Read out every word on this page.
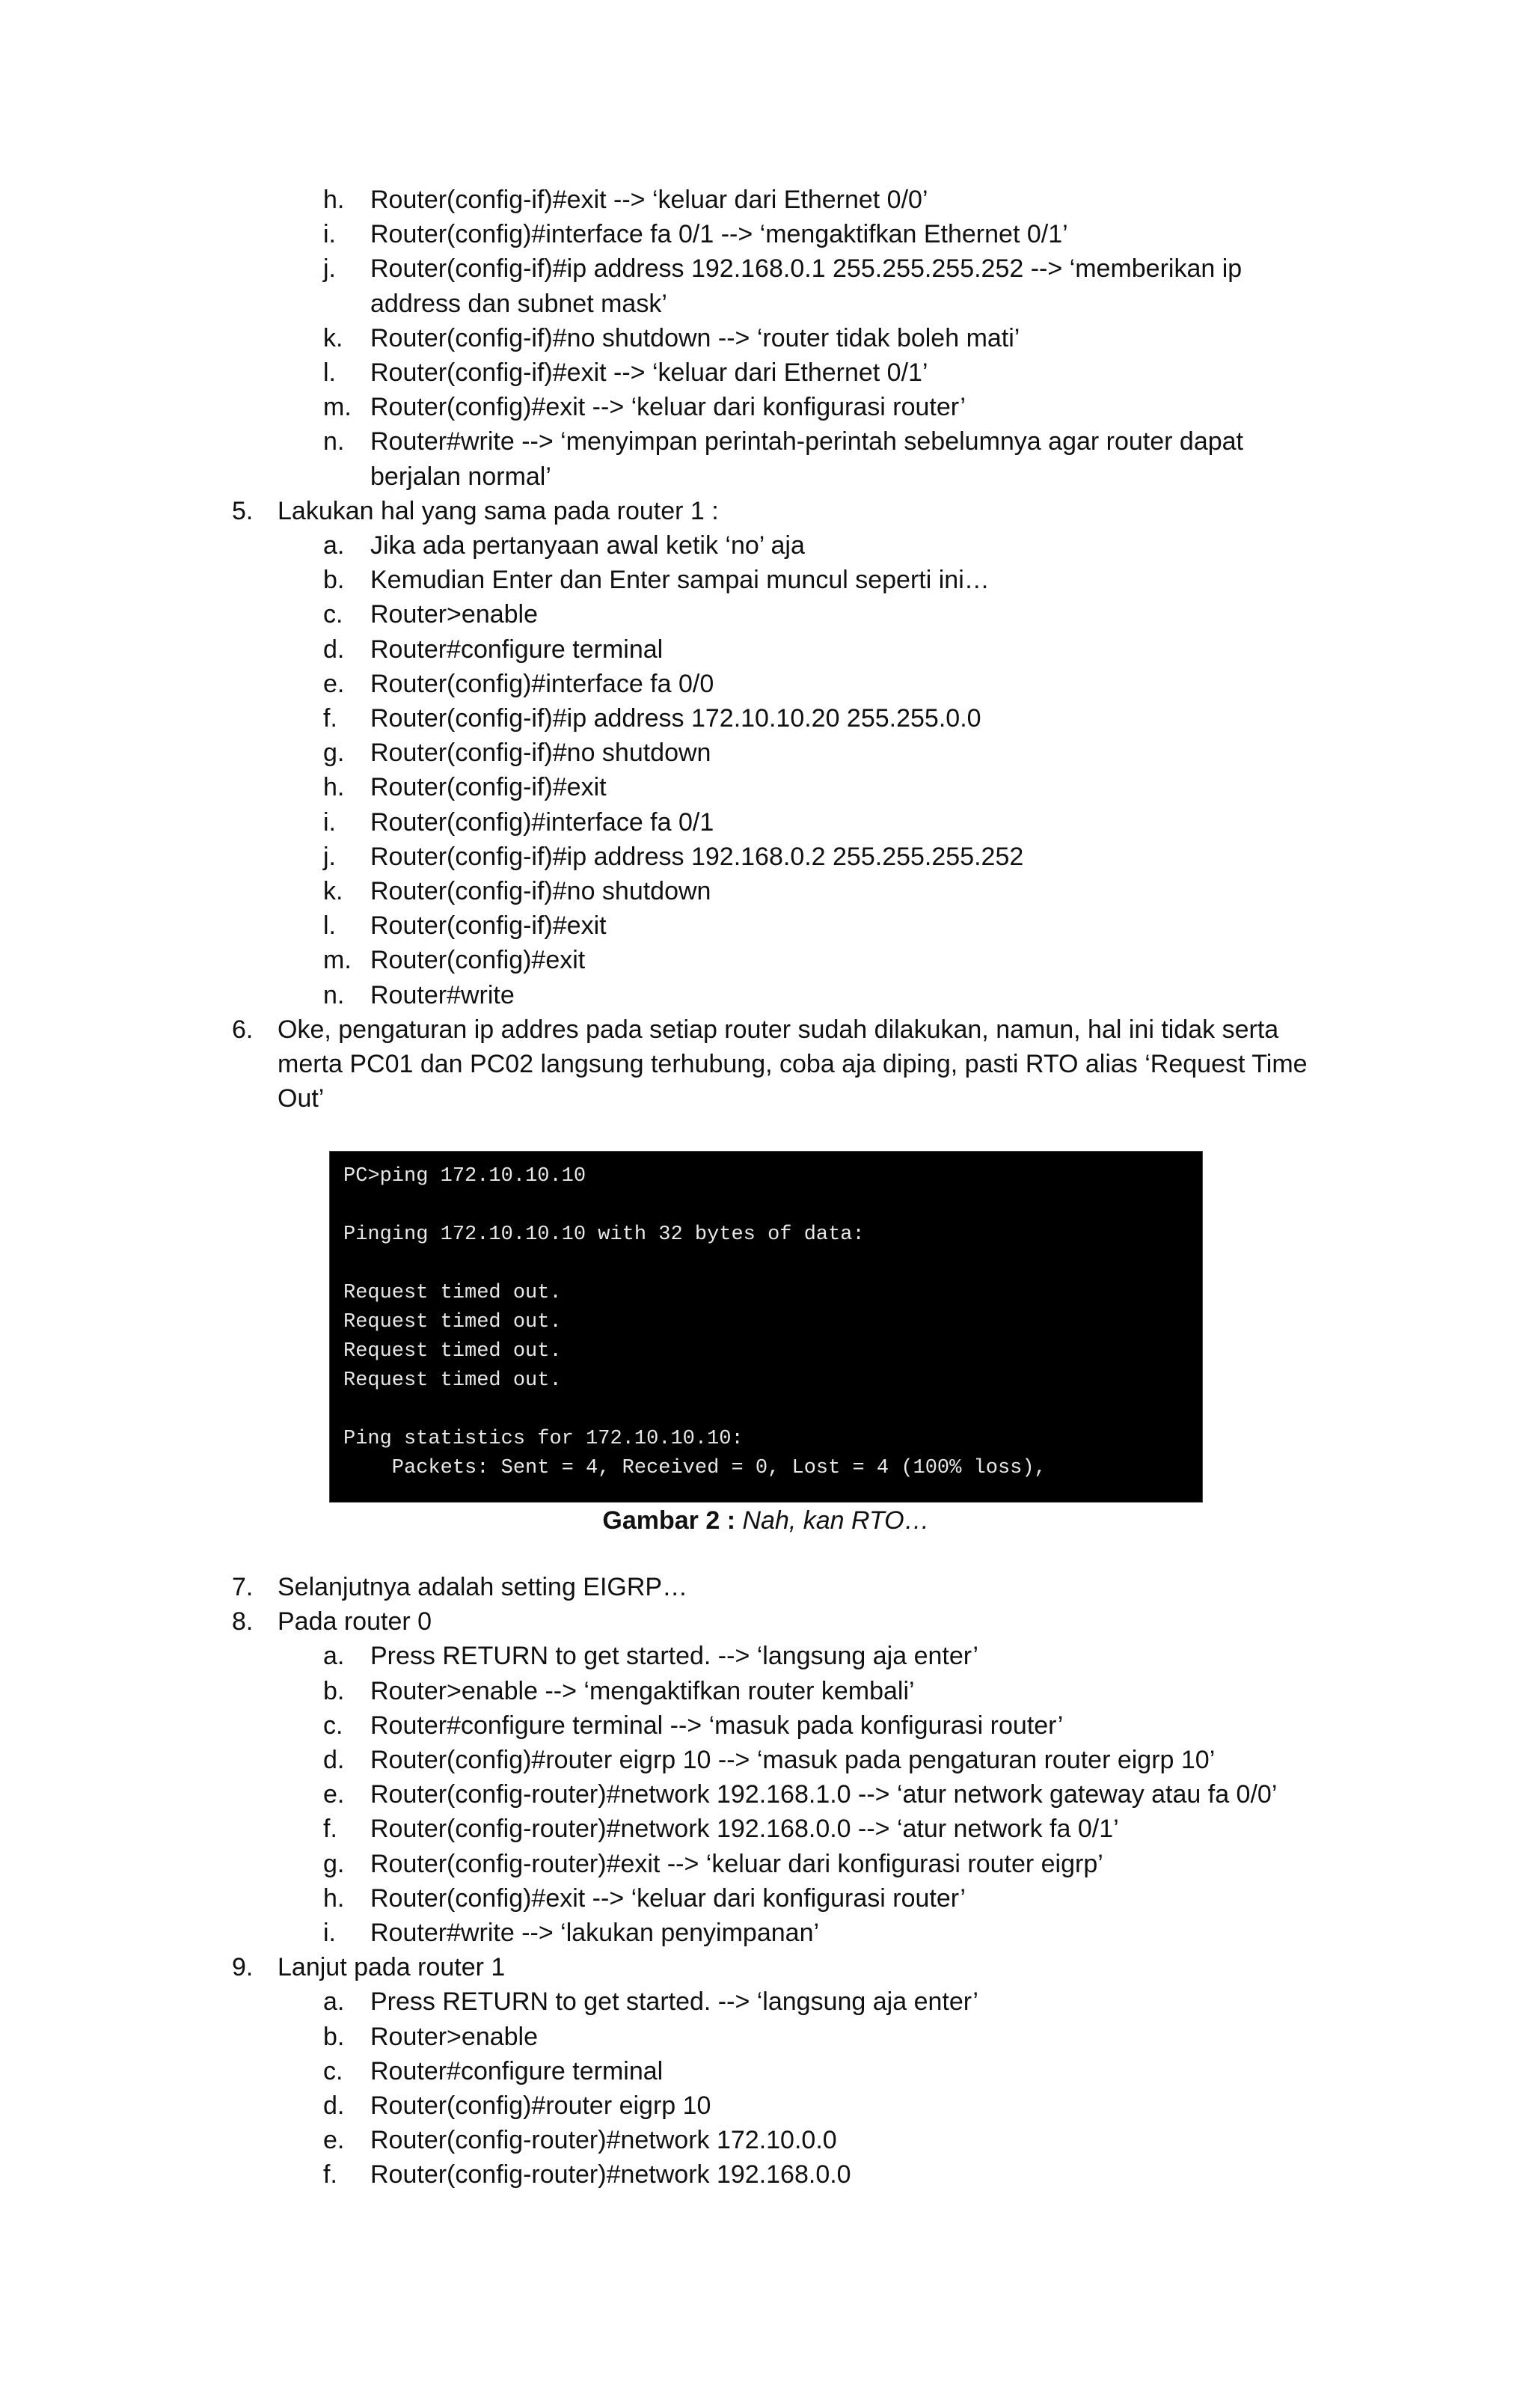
h. Router(config-if)#exit --> ‘keluar dari Ethernet 0/0’
i. Router(config)#interface fa 0/1 --> ‘mengaktifkan Ethernet 0/1’
j. Router(config-if)#ip address 192.168.0.1 255.255.255.252 --> ‘memberikan ip
address dan subnet mask’
k. Router(config-if)#no shutdown --> ‘router tidak boleh mati’
l. Router(config-if)#exit --> ‘keluar dari Ethernet 0/1’
m. Router(config)#exit --> ‘keluar dari konfigurasi router’
n. Router#write --> ‘menyimpan perintah-perintah sebelumnya agar router dapat
berjalan normal’
5. Lakukan hal yang sama pada router 1 :
a. Jika ada pertanyaan awal ketik ‘no’ aja
b. Kemudian Enter dan Enter sampai muncul seperti ini…
c. Router>enable
d. Router#configure terminal
e. Router(config)#interface fa 0/0
f. Router(config-if)#ip address 172.10.10.20 255.255.0.0
g. Router(config-if)#no shutdown
h. Router(config-if)#exit
i. Router(config)#interface fa 0/1
j. Router(config-if)#ip address 192.168.0.2 255.255.255.252
k. Router(config-if)#no shutdown
l. Router(config-if)#exit
m. Router(config)#exit
n. Router#write
6. Oke, pengaturan ip addres pada setiap router sudah dilakukan, namun, hal ini tidak serta
merta PC01 dan PC02 langsung terhubung, coba aja diping, pasti RTO alias ‘Request Time
Out’
PC>ping 172.10.10.10
Pinging 172.10.10.10 with 32 bytes of data:
Request timed out.
Request timed out.
Request timed out.
Request timed out.
Ping statistics for 172.10.10.10:
Packets: Sent = 4, Received = 0, Lost = 4 (100% loss),
Gambar 2 : Nah, kan RTO…
7. Selanjutnya adalah setting EIGRP…
8. Pada router 0
a. Press RETURN to get started. --> ‘langsung aja enter’
b. Router>enable --> ‘mengaktifkan router kembali’
c. Router#configure terminal --> ‘masuk pada konfigurasi router’
d. Router(config)#router eigrp 10 --> ‘masuk pada pengaturan router eigrp 10’
e. Router(config-router)#network 192.168.1.0 --> ‘atur network gateway atau fa 0/0’
f. Router(config-router)#network 192.168.0.0 --> ‘atur network fa 0/1’
g. Router(config-router)#exit --> ‘keluar dari konfigurasi router eigrp’
h. Router(config)#exit --> ‘keluar dari konfigurasi router’
i. Router#write --> ‘lakukan penyimpanan’
9. Lanjut pada router 1
a. Press RETURN to get started. --> ‘langsung aja enter’
b. Router>enable
c. Router#configure terminal
d. Router(config)#router eigrp 10
e. Router(config-router)#network 172.10.0.0
f. Router(config-router)#network 192.168.0.0
